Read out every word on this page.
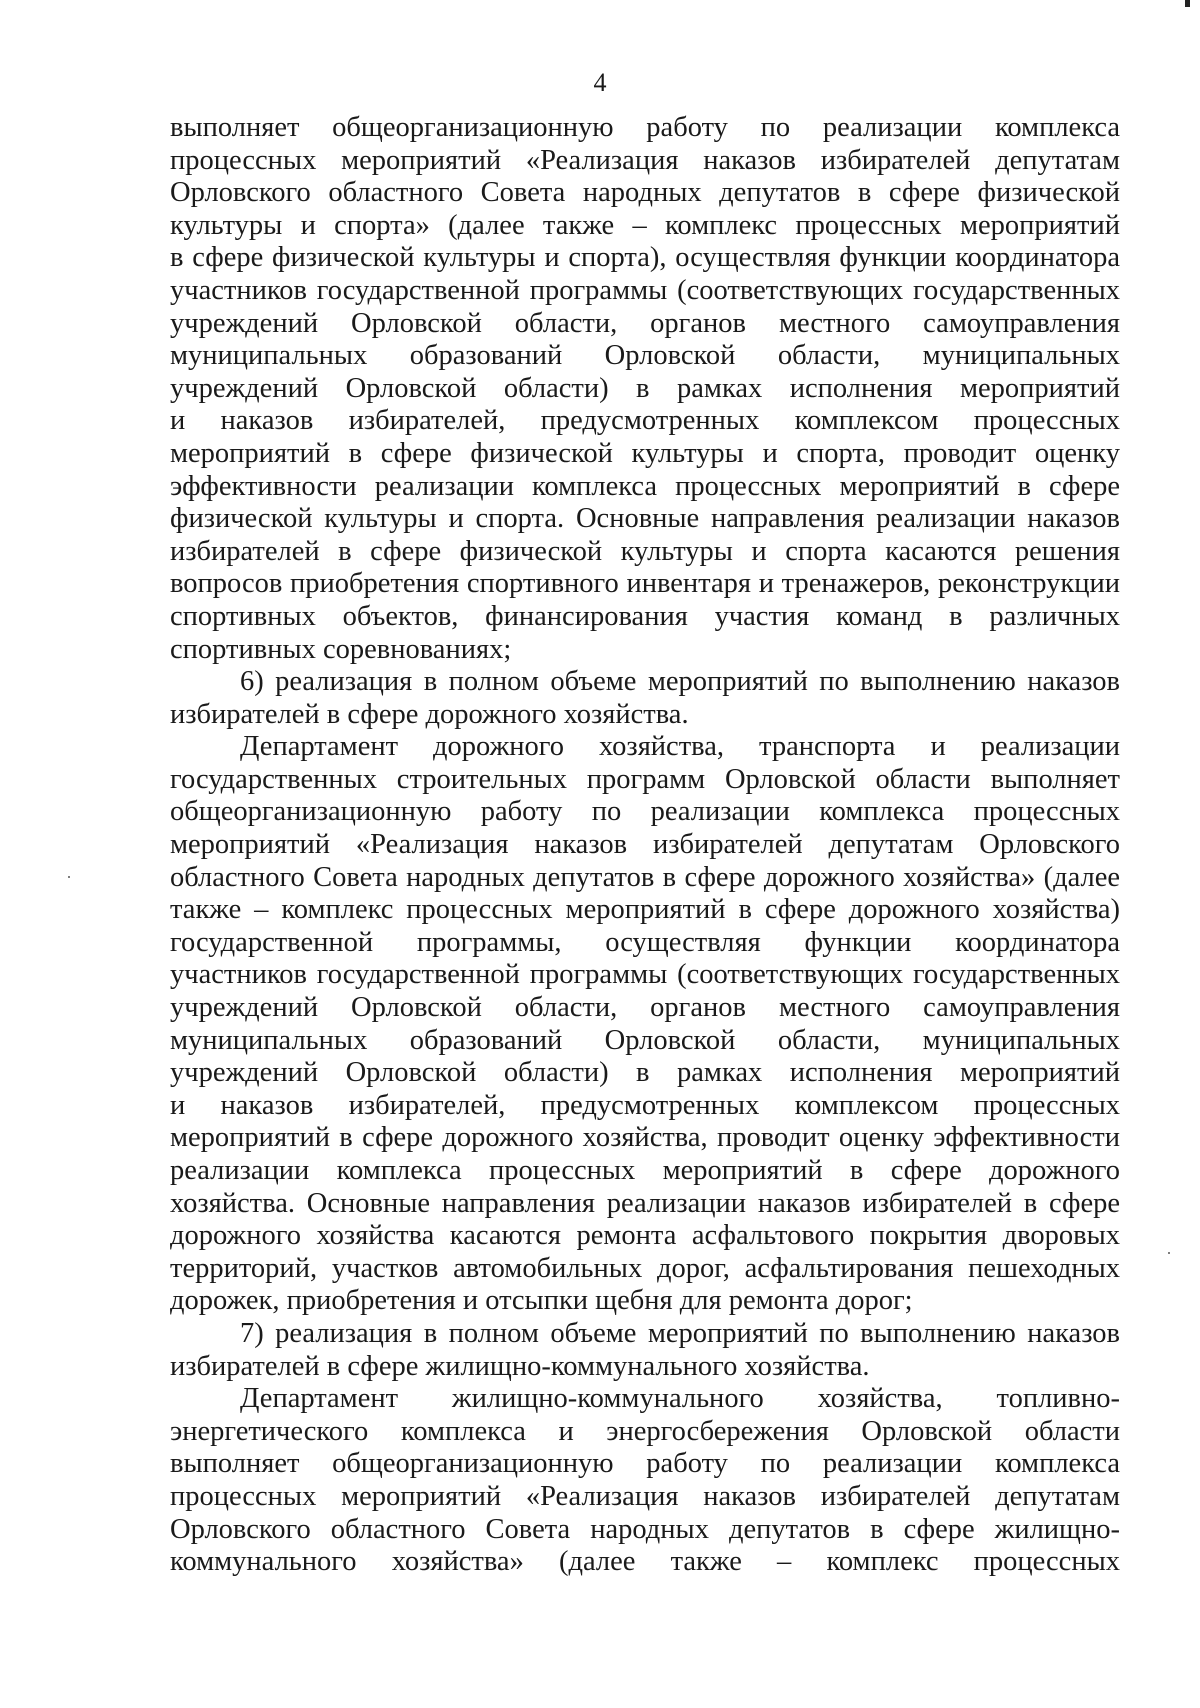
4
выполняет общеорганизационную работу по реализации комплекса
процессных мероприятий «Реализация наказов избирателей депутатам
Орловского областного Совета народных депутатов в сфере физической
культуры и спорта» (далее также – комплекс процессных мероприятий
в сфере физической культуры и спорта), осуществляя функции координатора
участников государственной программы (соответствующих государственных
учреждений Орловской области, органов местного самоуправления
муниципальных образований Орловской области, муниципальных
учреждений Орловской области) в рамках исполнения мероприятий
и наказов избирателей, предусмотренных комплексом процессных
мероприятий в сфере физической культуры и спорта, проводит оценку
эффективности реализации комплекса процессных мероприятий в сфере
физической культуры и спорта. Основные направления реализации наказов
избирателей в сфере физической культуры и спорта касаются решения
вопросов приобретения спортивного инвентаря и тренажеров, реконструкции
спортивных объектов, финансирования участия команд в различных
спортивных соревнованиях;
6) реализация в полном объеме мероприятий по выполнению наказов
избирателей в сфере дорожного хозяйства.
Департамент дорожного хозяйства, транспорта и реализации
государственных строительных программ Орловской области выполняет
общеорганизационную работу по реализации комплекса процессных
мероприятий «Реализация наказов избирателей депутатам Орловского
областного Совета народных депутатов в сфере дорожного хозяйства» (далее
также – комплекс процессных мероприятий в сфере дорожного хозяйства)
государственной программы, осуществляя функции координатора
участников государственной программы (соответствующих государственных
учреждений Орловской области, органов местного самоуправления
муниципальных образований Орловской области, муниципальных
учреждений Орловской области) в рамках исполнения мероприятий
и наказов избирателей, предусмотренных комплексом процессных
мероприятий в сфере дорожного хозяйства, проводит оценку эффективности
реализации комплекса процессных мероприятий в сфере дорожного
хозяйства. Основные направления реализации наказов избирателей в сфере
дорожного хозяйства касаются ремонта асфальтового покрытия дворовых
территорий, участков автомобильных дорог, асфальтирования пешеходных
дорожек, приобретения и отсыпки щебня для ремонта дорог;
7) реализация в полном объеме мероприятий по выполнению наказов
избирателей в сфере жилищно-коммунального хозяйства.
Департамент жилищно-коммунального хозяйства, топливно-
энергетического комплекса и энергосбережения Орловской области
выполняет общеорганизационную работу по реализации комплекса
процессных мероприятий «Реализация наказов избирателей депутатам
Орловского областного Совета народных депутатов в сфере жилищно-
коммунального хозяйства» (далее также – комплекс процессных
